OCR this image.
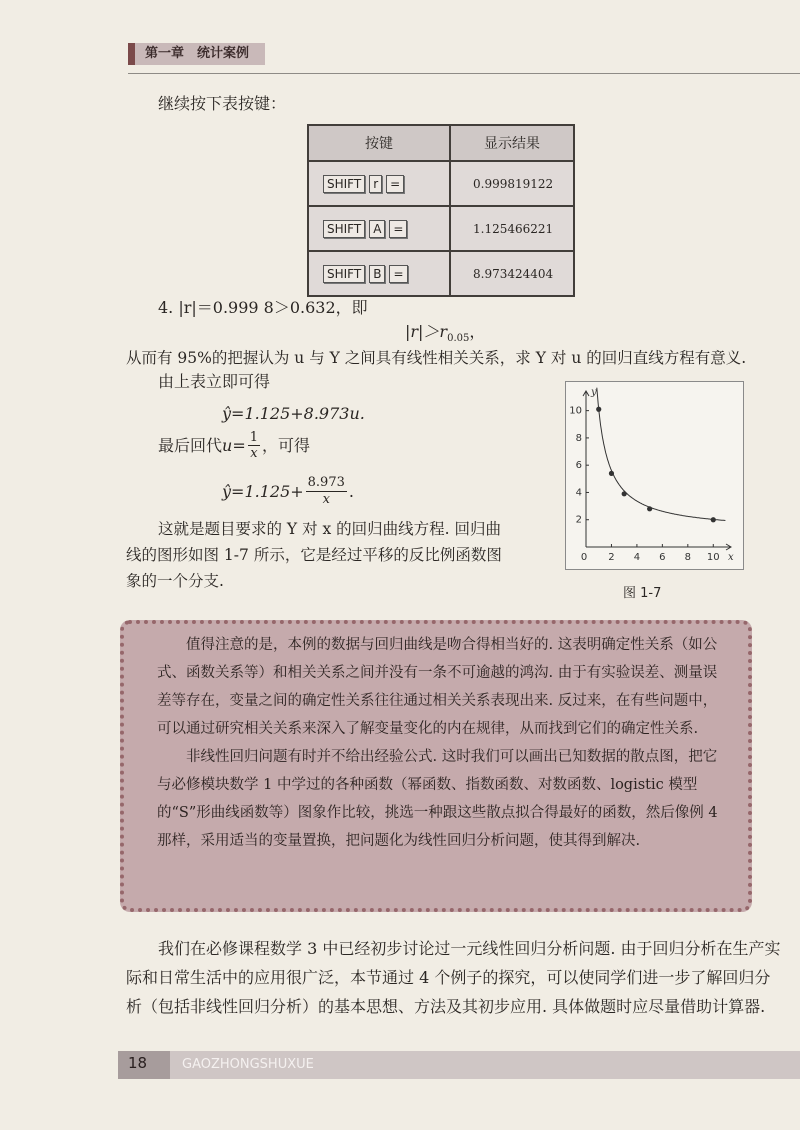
第一章　统计案例
继续按下表按键：
按键	显示结果
SHIFT r =	0.999819122
SHIFT A =	1.125466221
SHIFT B =	8.973424404
4. |r|＝0.999 8＞0.632，即
$|r|>r_{0.05}$，
从而有 95%的把握认为 u 与 Y 之间具有线性相关关系，求 Y 对 u 的回归直线方程有意义.
由上表立即可得
ŷ=1.125+8.973u.
最后回代 $u= \frac{1}{x}$ ，可得
ŷ=1.125+ $\frac{8.973}{x}$ .
这就是题目要求的 Y 对 x 的回归曲线方程. 回归曲
线的图形如图 1-7 所示，它是经过平移的反比例函数图
象的一个分支.
10
8
6
4
2
0 2 4 6 8 10
y
x
图 1-7

值得注意的是，本例的数据与回归曲线是吻合得相当好的. 这表明确定性关系（如公式、函数关系等）和相关关系之间并没有一条不可逾越的鸿沟. 由于有实验误差、测量误差等存在，变量之间的确定性关系往往通过相关关系表现出来. 反过来，在有些问题中，可以通过研究相关关系来深入了解变量变化的内在规律，从而找到它们的确定性关系.

非线性回归问题有时并不给出经验公式. 这时我们可以画出已知数据的散点图，把它与必修模块数学 1 中学过的各种函数（幂函数、指数函数、对数函数、logistic 模型的“S”形曲线函数等）图象作比较，挑选一种跟这些散点拟合得最好的函数，然后像例 4 那样，采用适当的变量置换，把问题化为线性回归分析问题，使其得到解决.

我们在必修课程数学 3 中已经初步讨论过一元线性回归分析问题. 由于回归分析在生产实际和日常生活中的应用很广泛，本节通过 4 个例子的探究，可以使同学们进一步了解回归分析（包括非线性回归分析）的基本思想、方法及其初步应用. 具体做题时应尽量借助计算器.
18	GAOZHONGSHUXUE
